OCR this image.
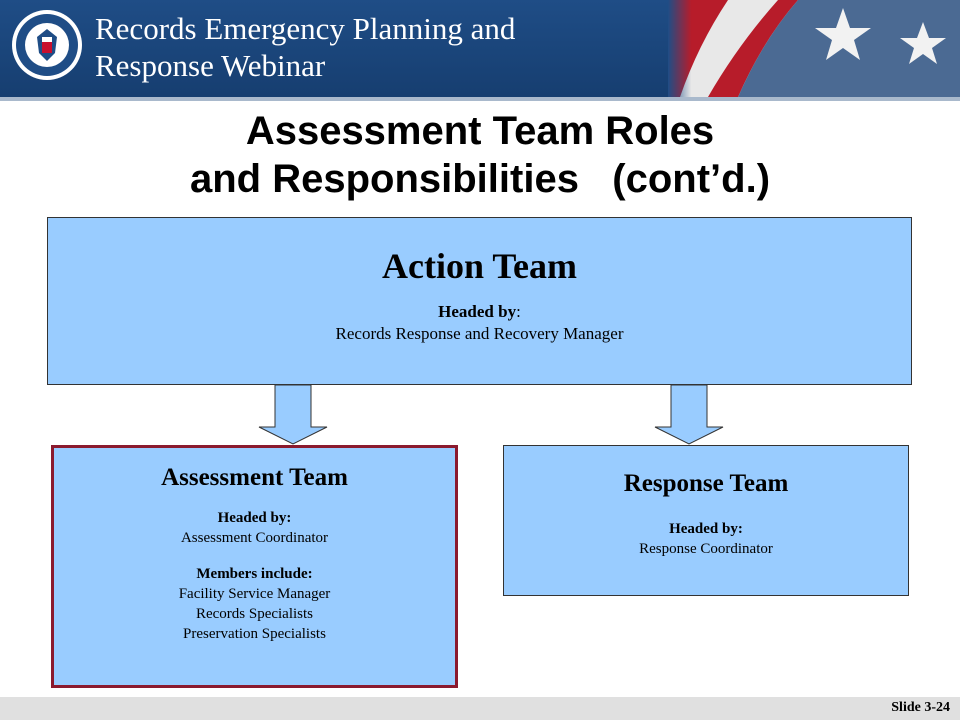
Records Emergency Planning and
Response Webinar
Assessment Team Roles
and Responsibilities   (cont’d.)
Action Team
Headed by:
Records Response and Recovery Manager
Assessment Team
Headed by:
Assessment Coordinator
Members include:
Facility Service Manager
Records Specialists
Preservation Specialists
Response Team
Headed by:
Response Coordinator
Slide 3-24
